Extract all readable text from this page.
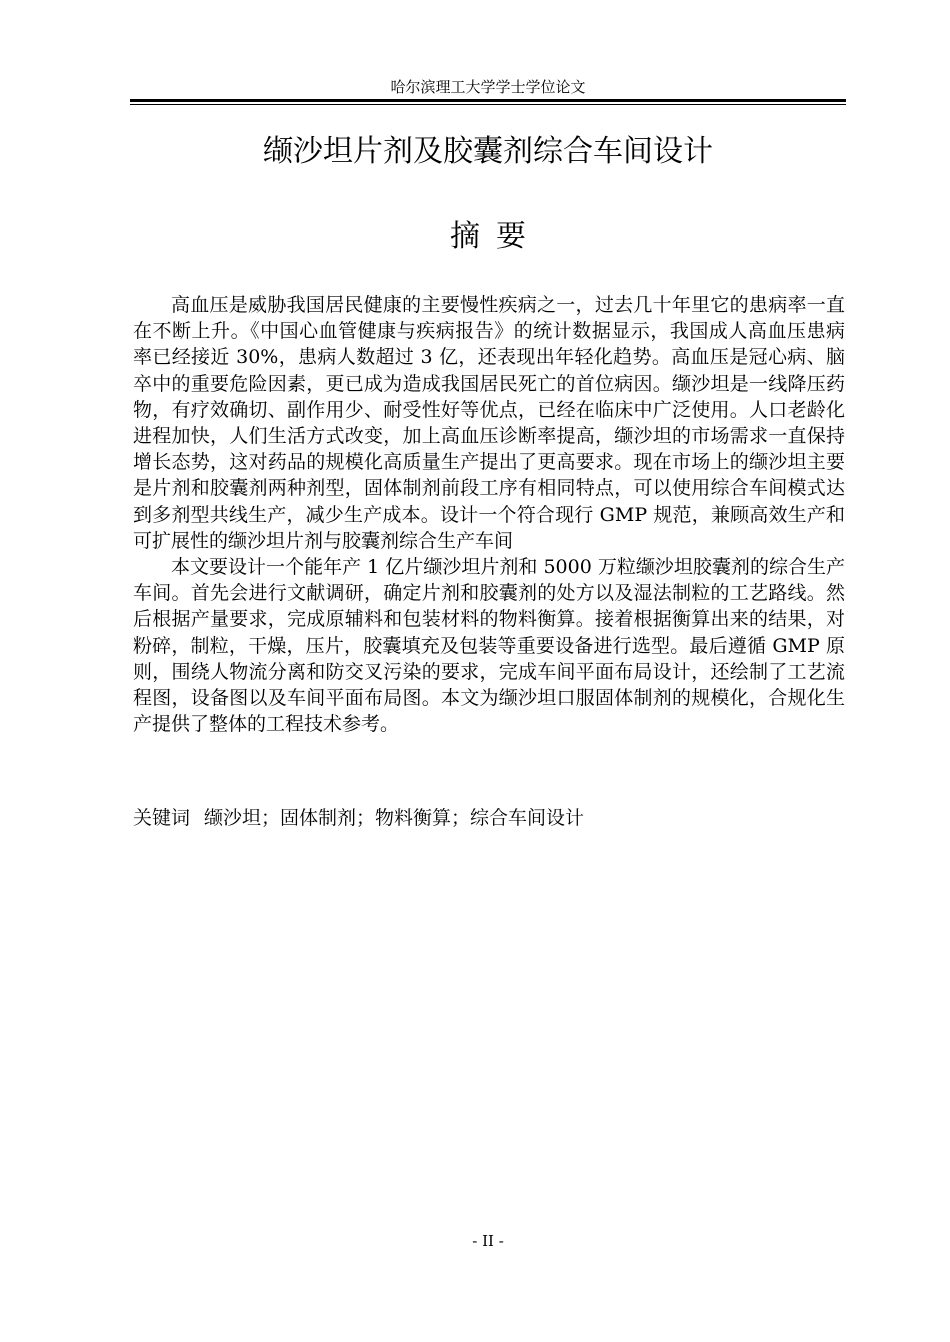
哈尔滨理工大学学士学位论文
缬沙坦片剂及胶囊剂综合车间设计
摘要

高血压是威胁我国居民健康的主要慢性疾病之一，过去几十年里它的患病率一直在不断上升。《中国心血管健康与疾病报告》的统计数据显示，我国成人高血压患病率已经接近 30%，患病人数超过 3 亿，还表现出年轻化趋势。高血压是冠心病、脑卒中的重要危险因素，更已成为造成我国居民死亡的首位病因。缬沙坦是一线降压药物，有疗效确切、副作用少、耐受性好等优点，已经在临床中广泛使用。人口老龄化进程加快，人们生活方式改变，加上高血压诊断率提高，缬沙坦的市场需求一直保持增长态势，这对药品的规模化高质量生产提出了更高要求。现在市场上的缬沙坦主要是片剂和胶囊剂两种剂型，固体制剂前段工序有相同特点，可以使用综合车间模式达到多剂型共线生产，减少生产成本。设计一个符合现行 GMP 规范，兼顾高效生产和可扩展性的缬沙坦片剂与胶囊剂综合生产车间

本文要设计一个能年产 1 亿片缬沙坦片剂和 5000 万粒缬沙坦胶囊剂的综合生产车间。首先会进行文献调研，确定片剂和胶囊剂的处方以及湿法制粒的工艺路线。然后根据产量要求，完成原辅料和包装材料的物料衡算。接着根据衡算出来的结果，对粉碎，制粒，干燥，压片，胶囊填充及包装等重要设备进行选型。最后遵循 GMP 原则，围绕人物流分离和防交叉污染的要求，完成车间平面布局设计，还绘制了工艺流程图，设备图以及车间平面布局图。本文为缬沙坦口服固体制剂的规模化，合规化生产提供了整体的工程技术参考。

关键词 缬沙坦；固体制剂；物料衡算；综合车间设计
- II -
